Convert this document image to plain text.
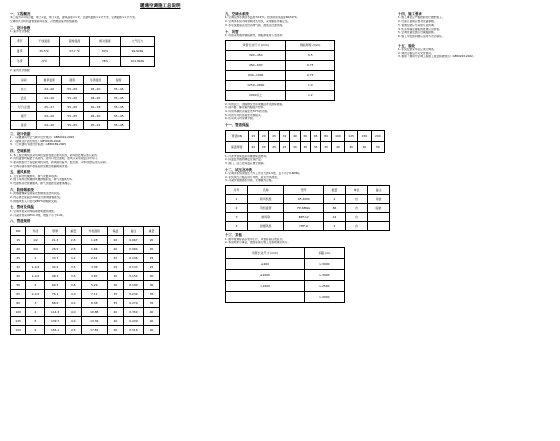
暖通空调施工总说明
一、工程概况
本工程为××综合楼，地上×层，地下×层，建筑高度××米，总建筑面积××平方米，空调面积××平方米。
空调形式为风机盘管加新风系统，冷热源由室外机组提供。
二、设计参数
1. 室外设计参数
季节	干球温度	湿球温度	相对湿度	大气压力
夏季	35.5℃	27.7 ℃	50%	99.6kPa
冬季	-5℃		78%	101.8kPa
2. 室内设计参数
房间	夏季温度	湿度	冬季温度	湿度
办公	24~26	55~65	18~20	35~45
会议	24~26	55~65	18~20	35~45
大厅/走道	25~27	55~65	16~18	35~45
餐厅	24~26	55~65	18~20	35~45
客房	24~26	55~65	20~22	35~45
三、设计依据
1. 《采暖通风与空气调节设计规范》GB50019-2003
2. 《建筑设计防火规范》GB50016-2006
3. 《公共建筑节能设计标准》GB50189-2005
四、空调系统
1. 本工程空调系统采用风机盘管加独立新风系统，新风经处理后送入室内。
2. 风机盘管均暗装于吊顶内，回风口设过滤网，送风口采用双层百叶风口。
3. 新风机组设于各层新风机房内，新风取自室外，经过滤、冷却/加热后送入房间。
4. 空调冷凝水集中收集后排至就近地漏或雨水管。
五、通风系统
1. 卫生间设机械排风，换气次数10次/h。
2. 地下车库设机械排风兼排烟系统，换气次数6次/h。
3. 设备机房设机械通风，换气次数按设备要求确定。
六、防排烟系统
1. 防烟楼梯间及前室设机械加压送风系统。
2. 内走道长度超过20m处设机械排烟系统。
3. 排烟风机入口处设280℃排烟防火阀。
七、管材及保温
1. 空调水管采用焊接钢管或镀锌钢管。
2. 冷凝水管采用PVC-U管，坡度不小于0.01。
八、管道规格
DN	外径	壁厚	重量	外表面积	保温	备注	重量
15	1/2	21.3	2.8	1.28	20	0.067	20
20	3/4	26.9	2.8	1.66	20	0.084	20
25	1	33.7	3.2	2.41	25	0.106	25
32	1-1/4	42.4	3.5	3.36	25	0.133	25
40	1-1/2	48.3	3.5	3.87	30	0.152	30
50	2	60.3	3.8	5.29	30	0.189	30
65	2-1/2	76.1	4.0	7.11	35	0.239	35
80	3	88.9	4.0	8.38	35	0.279	35
100	4	114.3	4.0	10.88	40	0.359	40
125	5	139.7	4.0	13.39	40	0.439	40
150	6	165.1	4.5	17.81	40	0.518	40
九、空调水系统
1. 空调冷冻水供回水温度7/12℃，热水供回水温度60/50℃。
2. 空调水系统为两管制闭式系统，采用膨胀水箱定压。
3. 水系统最高点设自动排气阀，最低点设泄水阀。
十、风管
1. 风管采用镀锌钢板制作，钢板厚度按下表选用：
风管长边尺寸 (mm)	钢板厚度 (mm)
320~450	0.5
450~630	0.75
630~1000	0.75
1250~2000	1.0
2000以上	1.2
2. 风管法兰、加固框及支吊架做法详见国标图集。
3. 消声器、静压箱内贴吸声材料。
4. 风管穿越防火墙处设70℃防火阀。
5. 风管与风机连接处设软接头。
6. 所有风口均带调节阀。
十一、管道保温
管径DN	15	20	25	32	40	50	65	80	100	125	150	200
保温厚度	20	20	25	25	30	30	35	35	40	40	40	50
1. 冷冻水管保温采用橡塑保温材料。
2. 保温层外做防潮层及保护层。
3. 阀门、法兰处保温应便于拆卸。
十二、试压及冲洗
1. 空调水系统试验压力为工作压力的1.5倍，且不小于0.6MPa。
2. 系统试压合格后进行冲洗，直至出水清洁。
3. 冷凝水管做通水试验，无渗漏为合格。
序号	名称	型号	数量	单位	备注
1	新风机组	XF-2000	4	台	吊装
2	风机盘管	FP-68WA	86	台	暗装
3	排风扇	BPT-12	24	台	
4	排烟风机	HTF-6	2	台	
十三、其他
1. 图中管道标高以管中心计，风管标高以管底计。
2. 本说明未尽事宜，按国家现行施工及验收规范执行。
风管长边尺寸 (mm)	间距 (m)
≤400	L:3000
≤1000	L:3000
>1000	L:2500
	L:2000
十四、施工要求
1. 施工单位应严格按照设计图纸施工。
2. 设备订货前应核对设备参数。
3. 管道安装应与其他专业协调。
4. 所有穿墙及楼板的管道应设套管。
5. 空调设备安装应设减振措施。
6. 施工中发现问题应及时与设计联系。
十五、验收
1. 系统安装完毕后应进行调试。
2. 调试合格后方可交付使用。
3. 参照《通风与空调工程施工质量验收规范》GB50243-2002。
